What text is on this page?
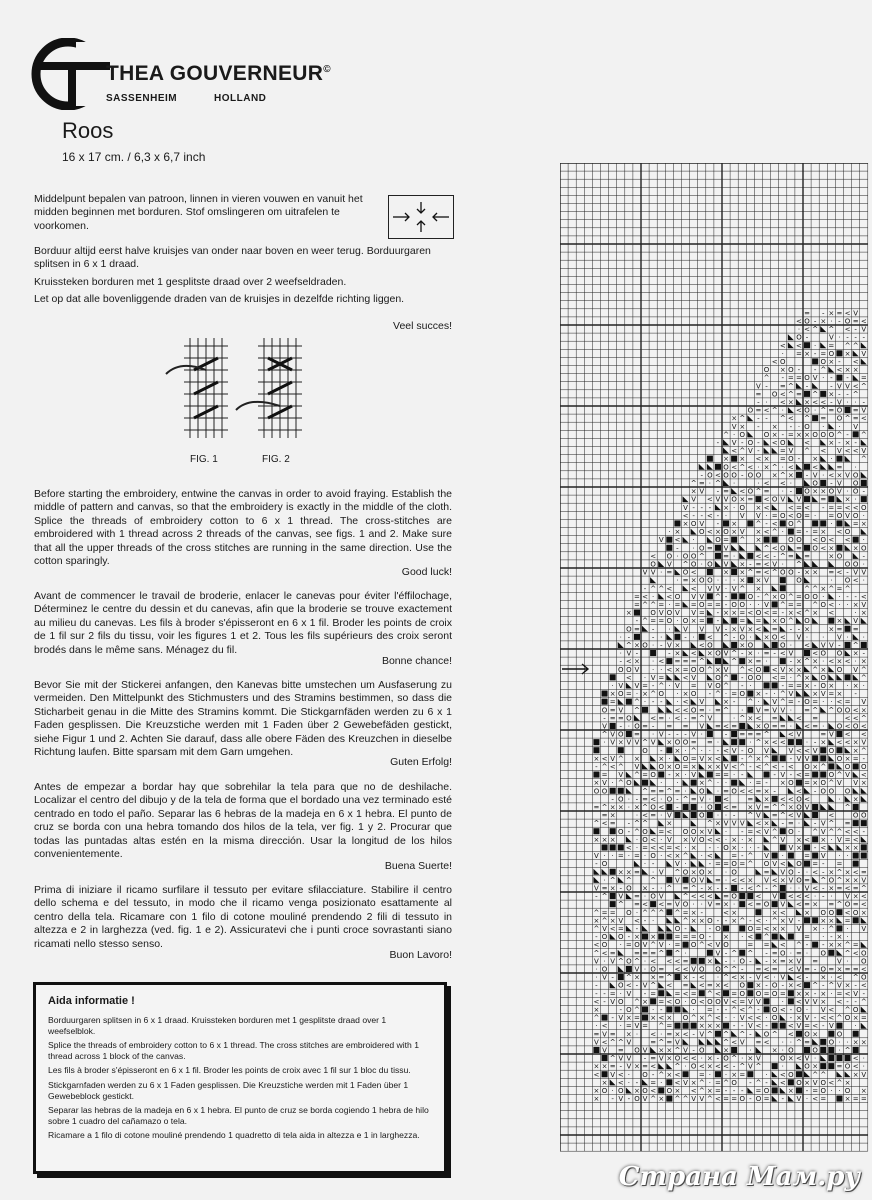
THEA GOUVERNEUR©
SASSENHEIM	HOLLAND
Roos
16 x 17 cm. / 6,3 x 6,7 inch

Middelpunt bepalen van patroon, linnen in vieren vouwen en vanuit het midden beginnen met borduren. Stof omslingeren om uitrafelen te voorkomen.

Borduur altijd eerst halve kruisjes van onder naar boven en weer terug. Borduurgaren splitsen in 6 x 1 draad.

Kruissteken borduren met 1 gesplitste draad over 2 weefseldraden.

Let op dat alle bovenliggende draden van de kruisjes in dezelfde richting liggen.

Veel succes!
FIG. 1	FIG. 2
Before starting the embroidery, entwine the canvas in order to avoid fraying. Establish the middle of pattern and canvas, so that the embroidery is exactly in the middle of the cloth. Splice the threads of embroidery cotton to 6 x 1 thread. The cross-stitches are embroidered with 1 thread across 2 threads of the canvas, see figs. 1 and 2. Make sure that all the upper threads of the cross stitches are running in the same direction. Use the cotton sparingly.
Good luck!
Avant de commencer le travail de broderie, enlacer le canevas pour éviter l'éffilochage, Déterminez le centre du dessin et du canevas, afin que la broderie se trouve exactement au milieu du canevas. Les fils à broder s'épisseront en 6 x 1 fil. Broder les points de croix de 1 fil sur 2 fils du tissu, voir les figures 1 et 2. Tous les fils supérieurs des croix seront brodés dans le même sans. Ménagez du fil.
Bonne chance!
Bevor Sie mit der Stickerei anfangen, den Kanevas bitte umstechen um Ausfaserung zu vermeiden. Den Mittelpunkt des Stichmusters und des Stramins bestimmen, so dass die Sticharbeit genau in die Mitte des Stramins kommt. Die Stickgarnfäden werden zu 6 x 1 Faden gesplissen. Die Kreuzstiche werden mit 1 Faden über 2 Gewebefäden gestickt, siehe Figur 1 und 2. Achten Sie darauf, dass alle obere Fäden des Kreuzchen in dieselbe Richtung laufen. Bitte sparsam mit dem Garn umgehen.
Guten Erfolg!
Antes de empezar a bordar hay que sobrehilar la tela para que no de deshilache. Localizar el centro del dibujo y de la tela de forma que el bordado una vez terminado esté centrado en todo el paño. Separar las 6 hebras de la madeja en 6 x 1 hebra. El punto de cruz se borda con una hebra tomando dos hilos de la tela, ver fig. 1 y 2. Procurar que todas las puntadas altas estén en la misma dirección. Usar la longitud de los hilos convenientemente.
Buena Suerte!
Prima di iniziare il ricamo surfilare il tessuto per evitare sfilacciature. Stabilire il centro dello schema e del tessuto, in modo che il ricamo venga posizionato esattamente al centro della tela. Ricamare con 1 filo di cotone mouliné prendendo 2 fili di tessuto in altezza e 2 in larghezza (ved. fig. 1 e 2). Assicuratevi che i punti croce sovrastanti siano ricamati nello stesso senso.
Buon Lavoro!
Aida informatie !

Borduurgaren splitsen in 6 x 1 draad. Kruissteken borduren met 1 gesplitste draad over 1 weefselblok.

Splice the threads of embroidery cotton to 6 x 1 thread. The cross stitches are embroidered with 1 thread across 1 block of the canvas.

Les fils à broder s'épisseront en 6 x 1 fil. Broder les points de croix avec 1 fil sur 1 bloc du tissu.

Stickgarnfaden werden zu 6 x 1 Faden gesplissen. Die Kreuzstiche werden mit 1 Faden über 1 Gewebeblock gestickt.

Separar las hebras de la madeja en 6 x 1 hebra. El punto de cruz se borda cogiendo 1 hebra de hilo sobre 1 cuadro del cañamazo o tela.

Ricamare a 1 filo di cotone mouliné prendendo 1 quadretto di tela aida in altezza e 1 in larghezza.

= - × = < V
< O - × · - O = <
· < ^ ^ < - V
O -	V · - - -
< < · = ^ ^
· = × - = O × V
< O	O × - <
O × O - - ^ < × ×
^ - = = O V · - - =
V - = ^ -	- V V < ^
= O < ^ = ^ × - - ^
- · < × × < < - V · · -
O = < ^ · < O · ^ = O = V
× ^ - - ^ < ^ = O ^ = <
V × - × - · O · · V
^ · O	O × - = × × O O O ^ - ^
- V - O - < O	<	× - × -
< ^ V -	= V ^ < V < < V
× × < × = O - × ·	^
O < ^ < · × ^ · <	<	= ·
- O < O O - O O × ^ × - V · < × V O
^ = · ^ ·	· < < ·	O - V O
× V - = < O ^ = · - O × × O V · O -
V < V V O × = < O V V	=	× ·
V - - - × · O × <	< = < - = = < < O
< - - < - · V V · = O < O = · = O V O ·
× O V - ×	^ - < O ^	·	= ×
· ×	O < × O × V × < ^ · = - = × < O
V < ·	O = ^ ×	O O < O < < ·
- · O = V	^ < O = O < ×	× O
< O · O O ^	= ·	< < - ^ = =	× O	-
O V ^ O · O V × - = < V · ^	O O ·
V V · = O <	× × ^ = < ^ O O - × × = < - V V
· = × O O · · · × × V	O	· O < ·
- ^ ^ <	< V V · V ^ ×	^ ^ × ^ = ^
= < · < O V V ^ -	O - ^ × O ^ = O O · · - - <
= ^ ^ = · = = O = = - O O · · V ^ = = ^ O < · · × V
×	O V O V V = - × × = < O < = - × < ^ × <	· ×
- ^ = = O · O × = -	= = × O ^ O	× V
O = - · V V V - × V × < = - - ×	× = =
· -	- ·	- · < ^ - O · × O < V · · V · ·
^ × O · - V ×	< O	× O	O · < V V - ^
· V -	- × < × O V ^ - × · = - < V	< O O × -
- < × · < = = = ^	^ × = ·	- × ^ × · < × < · ×
O O V · · < × = O O ^ × V ^ < O < V × × ^ × O V ^
< · V =	< V	O ^ - O O < = · ^ × O	^
· V V = - ^ · V = V O ^ - ·	- = = × - O × · × ·
× O = · × ^ O · × O - ^ · = O × - · ^ V	× V = × -
=	^ · - - · < V	× - ^ · V ^ = - O = · · < = V
O = V ^	< < O = · = ^ · V = V V · = ^ ^ O O < ×
- = = O	< = · < - = ^ V	· ^ × < =	< =	< < ^
V - · O = - = = V = < =	× O = = · < = · O < O <
^ V O = · V - - - V ·	- = = = ^	< V	= V < <
· V × V V ^ V × O O = = ·	· ^ × < <	· - × < < × V
O - × · ^ · · - < V - O V	V < < V O	× ^
× < V ^ ×	× · O = V × <	- ^ × ^	- V V	O × = -
- ^ < ^ V	O × O = × × × V < ^ - < ^ < - < O × ^	O O
= V ^ = O - × · V	= = · -	- V - < =	O ^ V <
× V · ^ O	· ·	× ^ · ·	· = - × O = × O ^ V V ×
O O	^ = = ^ = · O · = O < < = × -	< - O O O
- O · - = < · O - ^ = V · <	= × < < O <	· ×
= ^ × × · × ^ O < -	· O < = × V = ^ ^ × O V	^
= ×	· < = · V	O · · - ^ V = ^ < V	<	O O
^ < = - ^ ^	×	^ × V V V < × - = · - V ^ =
O - ^ O = < O O × V · - = < V ^ O · ^ V ^ ^ < < -
× × ×	· O < · V × V O < < · × · ×	^ V × < × · V = <
< · = < < = < · × - · O × · · -	V × - <	× ×
V · · = · = · O · < × ^ · <	= - ^ V ·	= V · ·
- O	· -	V ·	- = = O = ^ O V < O = - =
× × = · V ^ O × O × · O	= V O - · < - × ^ × < =
· ^ ^	^	V O V = · < < × V < × V O = ^ O ^ × × V
V = × - O × - · ^ = ^ - × - - - < ^ - ^ · · V < - × = < = ^
- ^ V = · O V	^ < < < = O	< V < < < · - · V × <
^ = < < = V O · · V = × · < = O V < = × = ^ O = <
^ = = O · ^ ^ ^ ^ = × -	< ×	× <	× O O < O ×
× ^ × V < - ·	^ × × O - - × ^ - < · ^ × V -	× × =
^ V < = -	O -	- O	O = < × × V × · ^ · V
- O O - × ×	= = = O - × · < ^	= · - × ·
< O · = O V ^ V · = O ^ < V O	= = < ^ - - × × ^ =
^ < =	= = = ^ ^ ·	V - ^ ^ - = O · = · O	^ < O
V · V ^ O ^ · < < < =	× - · O - - × = × V =	V · O
· O	V · O = < < V O O ^ ^ - = < = < V = - O = × = = <
· V - ^ × × = ^ × - < · ^ < × - V < · V < - × · < ^ O
-	O < - V ^ < = < = × < O × - O - × < ^ - ^ V × - <
- - = · V - =	= < = ^ < = O O = O = × × - × · = < V -
< - V O ^ × = < O · O < O O V < = V V	· < V V × < - - ^
×	- O ^ · -	· = - - ^ < ^ - O < - O · V < ^ O
^ - V × = × < × O ^ × ^ < · · V < < · O - × V - < < ^ O × =
· < · = V = ^ =	× × × - - V < -	< V = < - V	·
= V = × · < · = × < - V ^ ^ ^ - O ^ < O ×	O
V < ^ ^ V	= ^ = V	^ < V = < · · ^ =	O · · × ×
V = O V × × ^ V - O	×	·	× · O	O	· ^
^ V V - = V × O < < · × - O ^ · × V	O × < V ·	< ·
× × = - V × = <	^ · O < × < < - ^ V ^	·	O ×	= O < ·
< V < · O - ^ × <	= · · × =	· < O	^ ^	× V
× < · - = · < V × ^ · = ^ O - ^ - < O × V O < ^ ×
× O · O × O < O × < ^ × = - - - = O	× - = O · · O ×
× - V - O V ^ × ^ ^ V V ^ < = = O - O = - V · < =	× = =
Страна Мам.ру
